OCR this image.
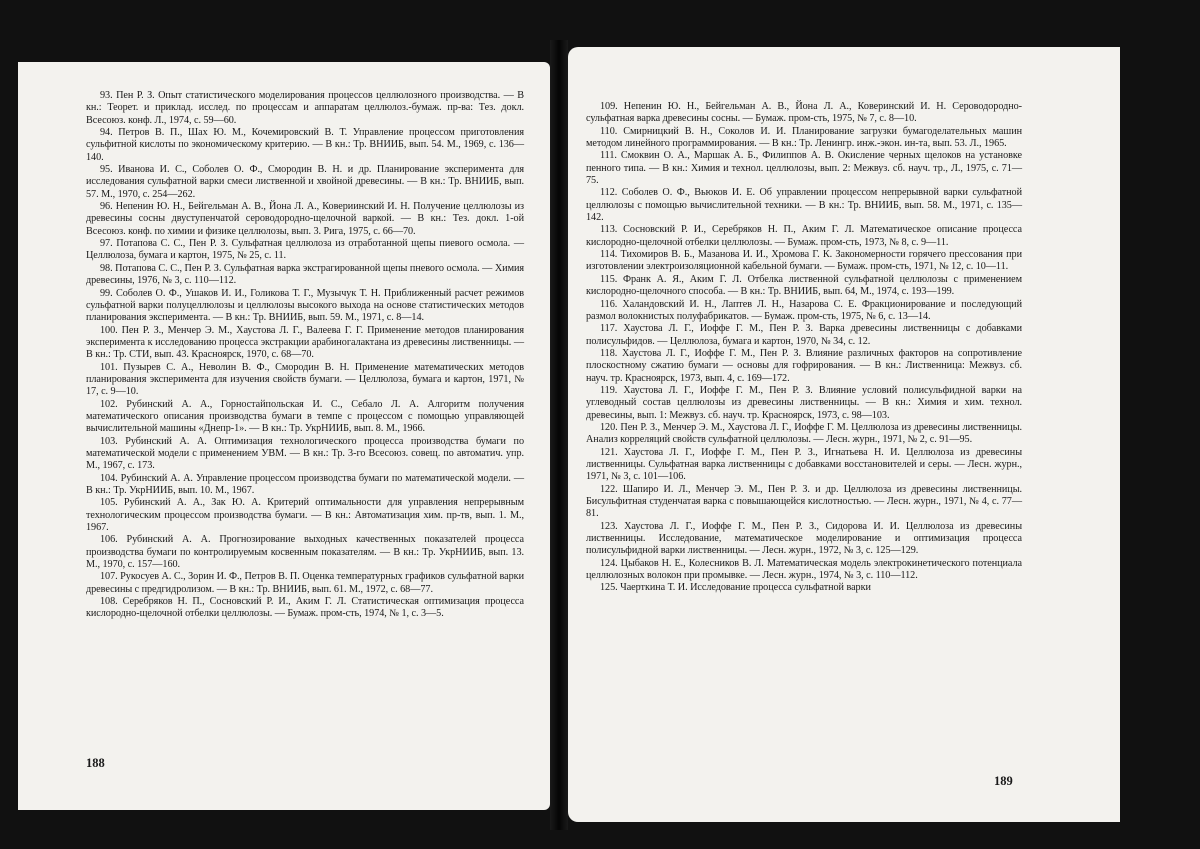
93. Пен Р. З. Опыт статистического моделирования процессов целлюлозного производства. — В кн.: Теорет. и приклад. исслед. по процессам и аппаратам целлюлоз.-бумаж. пр-ва: Тез. докл. Всесоюз. конф. Л., 1974, с. 59—60.

94. Петров В. П., Шах Ю. М., Кочемировский В. Т. Управление процессом приготовления сульфитной кислоты по экономическому критерию. — В кн.: Тр. ВНИИБ, вып. 54. М., 1969, с. 136—140.

95. Иванова И. С., Соболев О. Ф., Смородин В. Н. и др. Планирование эксперимента для исследования сульфатной варки смеси лиственной и хвойной древесины. — В кн.: Тр. ВНИИБ, вып. 57. М., 1970, с. 254—262.

96. Непенин Ю. Н., Бейгельман А. В., Йона Л. А., Ковериинский И. Н. Получение целлюлозы из древесины сосны двуступенчатой сероводородно-щелочной варкой. — В кн.: Тез. докл. 1-ой Всесоюз. конф. по химии и физике целлюлозы, вып. 3. Рига, 1975, с. 66—70.

97. Потапова С. С., Пен Р. З. Сульфатная целлюлоза из отработанной щепы пиевого осмола. — Целлюлоза, бумага и картон, 1975, № 25, с. 11.

98. Потапова С. С., Пен Р. З. Сульфатная варка экстрагированной щепы пневого осмола. — Химия древесины, 1976, № 3, с. 110—112.

99. Соболев О. Ф., Ушаков И. И., Голикова Т. Г., Музычук Т. Н. Приближенный расчет режимов сульфатной варки полуцеллюлозы и целлюлозы высокого выхода на основе статистических методов планирования эксперимента. — В кн.: Тр. ВНИИБ, вып. 59. М., 1971, с. 8—14.

100. Пен Р. З., Менчер Э. М., Хаустова Л. Г., Валеева Г. Г. Применение методов планирования эксперимента к исследованию процесса экстракции арабиногалактана из древесины лиственницы. — В кн.: Тр. СТИ, вып. 43. Красноярск, 1970, с. 68—70.

101. Пузырев С. А., Неволин В. Ф., Смородин В. Н. Применение математических методов планирования эксперимента для изучения свойств бумаги. — Целлюлоза, бумага и картон, 1971, № 17, с. 9—10.

102. Рубинский А. А., Горностайпольская И. С., Себало Л. А. Алгоритм получения математического описания производства бумаги в темпе с процессом с помощью управляющей вычислительной машины «Днепр-1». — В кн.: Тр. УкрНИИБ, вып. 8. М., 1966.

103. Рубинский А. А. Оптимизация технологического процесса производства бумаги по математической модели с применением УВМ. — В кн.: Тр. 3-го Всесоюз. совещ. по автоматич. упр. М., 1967, с. 173.

104. Рубинский А. А. Управление процессом производства бумаги по математической модели. — В кн.: Тр. УкрНИИБ, вып. 10. М., 1967.

105. Рубинский А. А., Зак Ю. А. Критерий оптимальности для управления непрерывным технологическим процессом производства бумаги. — В кн.: Автоматизация хим. пр-тв, вып. 1. М., 1967.

106. Рубинский А. А. Прогнозирование выходных качественных показателей процесса производства бумаги по контролируемым косвенным показателям. — В кн.: Тр. УкрНИИБ, вып. 13. М., 1970, с. 157—160.

107. Рукосуев А. С., Зорин И. Ф., Петров В. П. Оценка температурных графиков сульфатной варки древесины с предгидролизом. — В кн.: Тр. ВНИИБ, вып. 61. М., 1972, с. 68—77.

108. Серебряков Н. П., Сосновский Р. И., Аким Г. Л. Статистическая оптимизация процесса кислородно-щелочной отбелки целлюлозы. — Бумаж. пром-сть, 1974, № 1, с. 3—5.

188

109. Непенин Ю. Н., Бейгельман А. В., Йона Л. А., Коверинский И. Н. Сероводородно-сульфатная варка древесины сосны. — Бумаж. пром-сть, 1975, № 7, с. 8—10.

110. Смирницкий В. Н., Соколов И. И. Планирование загрузки бумагоделательных машин методом линейного программирования. — В кн.: Тр. Ленингр. инж.-экон. ин-та, вып. 53. Л., 1965.

111. Смоквин О. А., Маршак А. Б., Филиппов А. В. Окисление черных щелоков на установке пенного типа. — В кн.: Химия и технол. целлюлозы, вып. 2: Межвуз. сб. науч. тр., Л., 1975, с. 71—75.

112. Соболев О. Ф., Вьюков И. Е. Об управлении процессом непрерывной варки сульфатной целлюлозы с помощью вычислительной техники. — В кн.: Тр. ВНИИБ, вып. 58. М., 1971, с. 135—142.

113. Сосновский Р. И., Серебряков Н. П., Аким Г. Л. Математическое описание процесса кислородно-щелочной отбелки целлюлозы. — Бумаж. пром-сть, 1973, № 8, с. 9—11.

114. Тихомиров В. Б., Мазанова И. И., Хромова Г. К. Закономерности горячего прессования при изготовлении электроизоляционной кабельной бумаги. — Бумаж. пром-сть, 1971, № 12, с. 10—11.

115. Франк А. Я., Аким Г. Л. Отбелка лиственной сульфатной целлюлозы с применением кислородно-щелочного способа. — В кн.: Тр. ВНИИБ, вып. 64, М., 1974, с. 193—199.

116. Халандовский И. Н., Лаптев Л. Н., Назарова С. Е. Фракционирование и последующий размол волокнистых полуфабрикатов. — Бумаж. пром-сть, 1975, № 6, с. 13—14.

117. Хаустова Л. Г., Иоффе Г. М., Пен Р. З. Варка древесины лиственницы с добавками полисульфидов. — Целлюлоза, бумага и картон, 1970, № 34, с. 12.

118. Хаустова Л. Г., Иоффе Г. М., Пен Р. З. Влияние различных факторов на сопротивление плоскостному сжатию бумаги — основы для гофрирования. — В кн.: Лиственница: Межвуз. сб. науч. тр. Красноярск, 1973, вып. 4, с. 169—172.

119. Хаустова Л. Г., Иоффе Г. М., Пен Р. З. Влияние условий полисульфидной варки на углеводный состав целлюлозы из древесины лиственницы. — В кн.: Химия и хим. технол. древесины, вып. 1: Межвуз. сб. науч. тр. Красноярск, 1973, с. 98—103.

120. Пен Р. З., Менчер Э. М., Хаустова Л. Г., Иоффе Г. М. Целлюлоза из древесины лиственницы. Анализ корреляций свойств сульфатной целлюлозы. — Лесн. журн., 1971, № 2, с. 91—95.

121. Хаустова Л. Г., Иоффе Г. М., Пен Р. З., Игнатьева Н. И. Целлюлоза из древесины лиственницы. Сульфатная варка лиственницы с добавками восстановителей и серы. — Лесн. журн., 1971, № 3, с. 101—106.

122. Шапиро И. Л., Менчер Э. М., Пен Р. З. и др. Целлюлоза из древесины лиственницы. Бисульфитная студенчатая варка с повышающейся кислотностью. — Лесн. журн., 1971, № 4, с. 77—81.

123. Хаустова Л. Г., Иоффе Г. М., Пен Р. З., Сидорова И. И. Целлюлоза из древесины лиственницы. Исследование, математическое моделирование и оптимизация процесса полисульфидной варки лиственницы. — Лесн. журн., 1972, № 3, с. 125—129.

124. Цыбаков Н. Е., Колесников В. Л. Математическая модель электрокинетического потенциала целлюлозных волокон при промывке. — Лесн. журн., 1974, № 3, с. 110—112.

125. Чаерткина Т. И. Исследование процесса сульфатной варки

189
